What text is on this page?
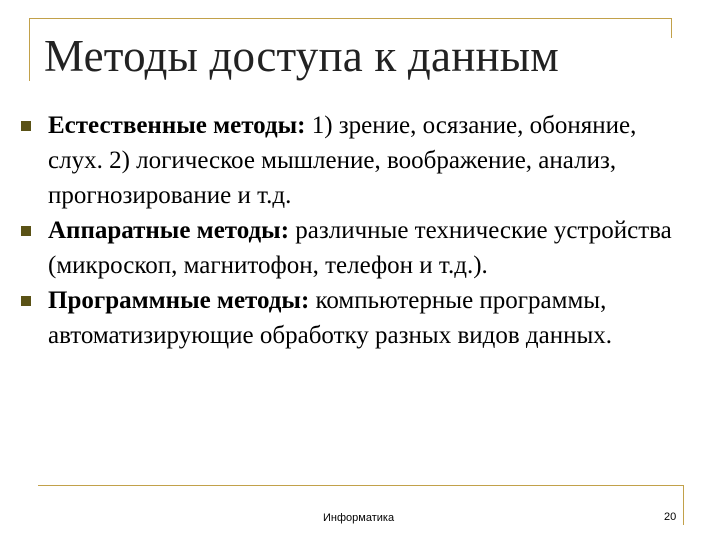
Методы доступа к данным
Естественные методы: 1) зрение, осязание, обоняние, слух. 2) логическое мышление, воображение, анализ, прогнозирование и т.д.
Аппаратные методы: различные технические устройства (микроскоп, магнитофон, телефон и т.д.).
Программные методы: компьютерные программы, автоматизирующие обработку разных видов данных.
Информатика	20
